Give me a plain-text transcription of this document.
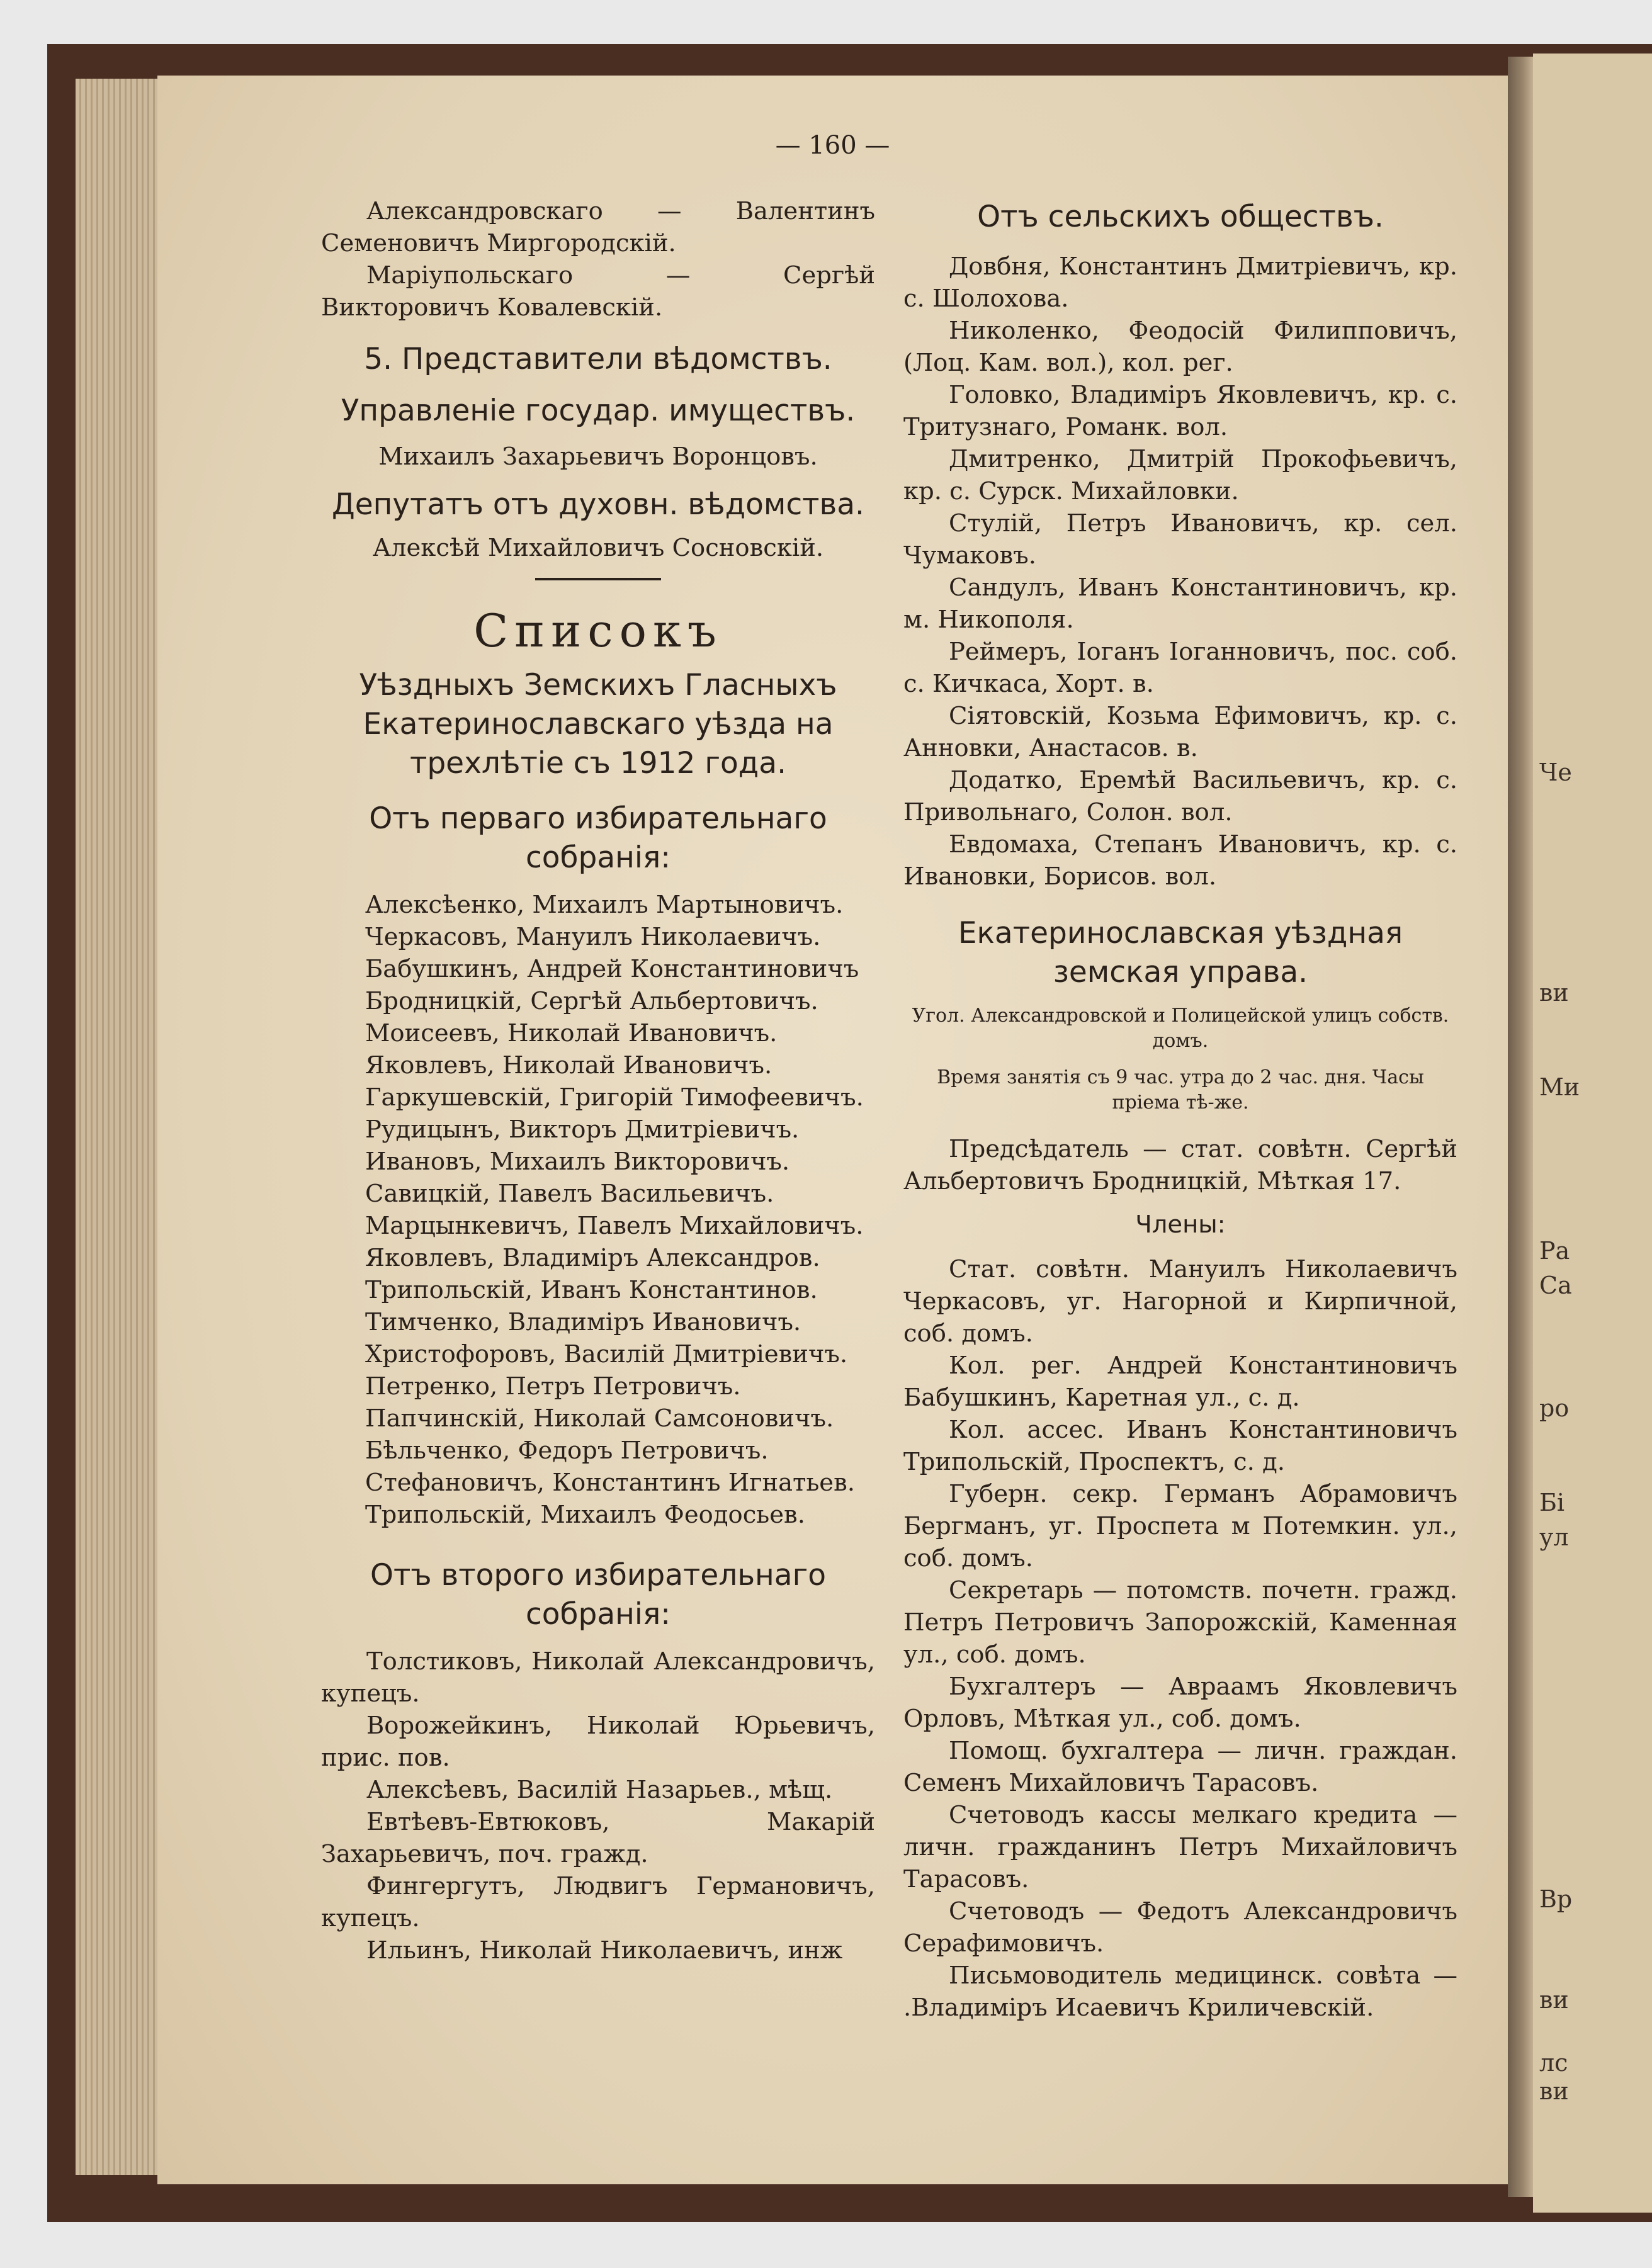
— 160 —

Александровскаго — Валентинъ Семеновичъ Миргородскій.

Маріупольскаго — Сергѣй Викторовичъ Ковалевскій.

5. Представители вѣдомствъ.

Управленіе государ. имуществъ.

Михаилъ Захарьевичъ Воронцовъ.

Депутатъ отъ духовн. вѣдомства.

Алексѣй Михайловичъ Сосновскій.

Списокъ

Уѣздныхъ Земскихъ Гласныхъ

Екатеринославскаго уѣзда на

трехлѣтіе съ 1912 года.

Отъ перваго избирательнаго

собранія:

Алексѣенко, Михаилъ Мартыновичъ.
Черкасовъ, Мануилъ Николаевичъ.
Бабушкинъ, Андрей Константиновичъ
Бродницкій, Сергѣй Альбертовичъ.
Моисеевъ, Николай Ивановичъ.
Яковлевъ, Николай Ивановичъ.
Гаркушевскій, Григорій Тимофеевичъ.
Рудицынъ, Викторъ Дмитріевичъ.
Ивановъ, Михаилъ Викторовичъ.
Савицкій, Павелъ Васильевичъ.
Марцынкевичъ, Павелъ Михайловичъ.
Яковлевъ, Владиміръ Александров.
Трипольскій, Иванъ Константинов.
Тимченко, Владиміръ Ивановичъ.
Христофоровъ, Василій Дмитріевичъ.
Петренко, Петръ Петровичъ.
Папчинскій, Николай Самсоновичъ.
Бѣльченко, Федоръ Петровичъ.
Стефановичъ, Константинъ Игнатьев.
Трипольскій, Михаилъ Феодосьев.

Отъ второго избирательнаго

собранія:

Толстиковъ, Николай Александровичъ, купецъ.

Ворожейкинъ, Николай Юрьевичъ, прис. пов.

Алексѣевъ, Василій Назарьев., мѣщ.

Евтѣевъ-Евтюковъ, Макарій Захарьевичъ, поч. гражд.

Фингергутъ, Людвигъ Германовичъ, купецъ.

Ильинъ, Николай Николаевичъ, инж

Отъ сельскихъ обществъ.

Довбня, Константинъ Дмитріевичъ, кр. с. Шолохова.

Николенко, Феодосій Филипповичъ, (Лоц. Кам. вол.), кол. рег.

Головко, Владиміръ Яковлевичъ, кр. с. Тритузнаго, Романк. вол.

Дмитренко, Дмитрій Прокофьевичъ, кр. с. Сурск. Михайловки.

Стулій, Петръ Ивановичъ, кр. сел. Чумаковъ.

Сандулъ, Иванъ Константиновичъ, кр. м. Никополя.

Реймеръ, Іоганъ Іоганновичъ, пос. соб. с. Кичкаса, Хорт. в.

Сіятовскій, Козьма Ефимовичъ, кр. с. Анновки, Анастасов. в.

Додатко, Еремѣй Васильевичъ, кр. с. Привольнаго, Солон. вол.

Евдомаха, Степанъ Ивановичъ, кр. с. Ивановки, Борисов. вол.

Екатеринославская уѣздная

земская управа.

Угол. Александровской и Полицейской улицъ собств. домъ.

Время занятія съ 9 час. утра до 2 час. дня. Часы пріема тѣ-же.

Предсѣдатель — стат. совѣтн. Сергѣй Альбертовичъ Бродницкій, Мѣткая 17.

Члены:

Стат. совѣтн. Мануилъ Николаевичъ Черкасовъ, уг. Нагорной и Кирпичной, соб. домъ.

Кол. рег. Андрей Константиновичъ Бабушкинъ, Каретная ул., с. д.

Кол. ассес. Иванъ Константиновичъ Трипольскій, Проспектъ, с. д.

Губерн. секр. Германъ Абрамовичъ Бергманъ, уг. Проспета м Потемкин. ул., соб. домъ.

Секретарь — потомств. почетн. гражд. Петръ Петровичъ Запорожскій, Каменная ул., соб. домъ.

Бухгалтеръ — Авраамъ Яковлевичъ Орловъ, Мѣткая ул., соб. домъ.

Помощ. бухгалтера — личн. граждан. Семенъ Михайловичъ Тарасовъ.

Счетоводъ кассы мелкаго кредита — личн. гражданинъ Петръ Михайловичъ Тарасовъ.

Счетоводъ — Федотъ Александровичъ Серафимовичъ.

Письмоводитель медицинск. совѣта — .Владиміръ Исаевичъ Криличевскій.

Че
ви
Ми
Ра
Са
ро
Бі
ул
Вр
ви
лс
ви
